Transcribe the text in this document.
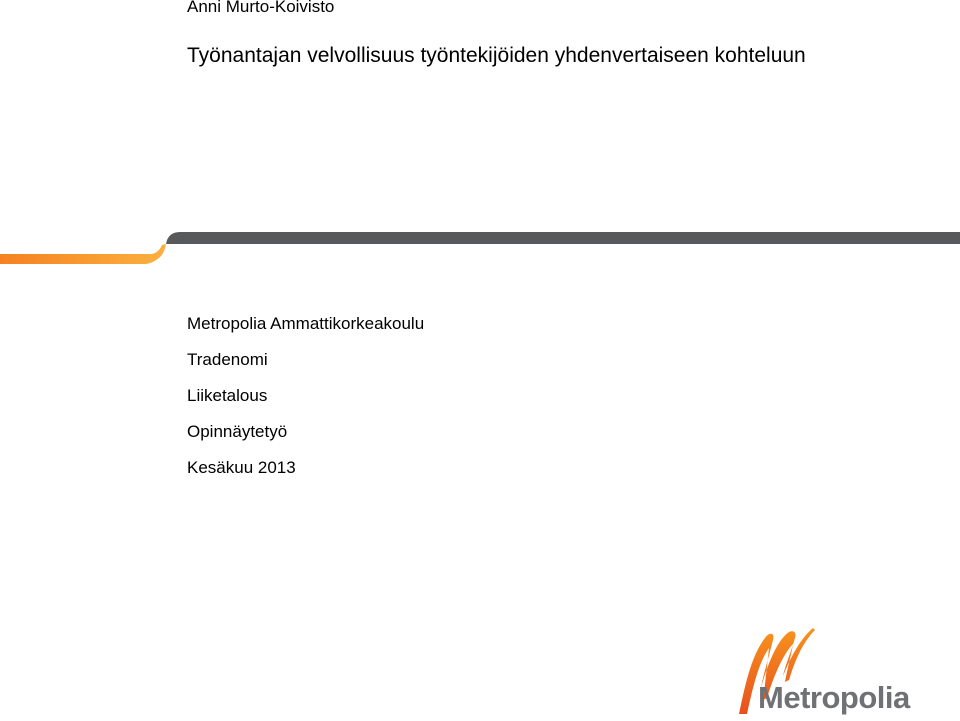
Anni Murto-Koivisto
Työnantajan velvollisuus työntekijöiden yhdenvertaiseen kohteluun
Metropolia Ammattikorkeakoulu
Tradenomi
Liiketalous
Opinnäytetyö
Kesäkuu 2013
Metropolia
